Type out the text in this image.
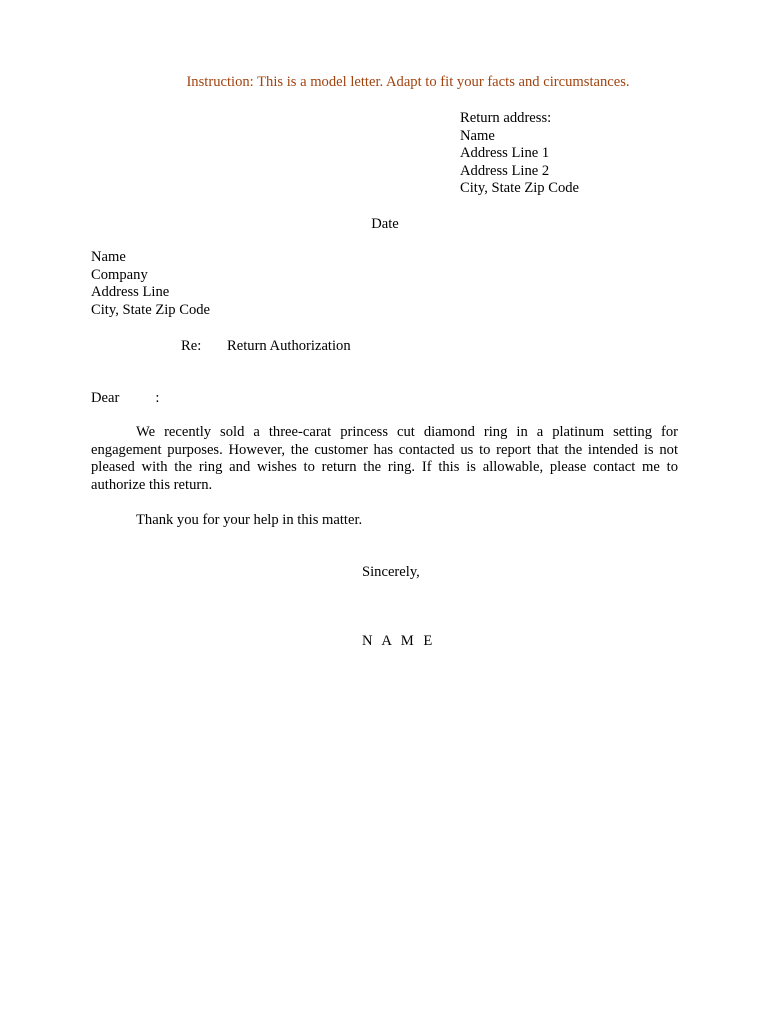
Instruction: This is a model letter. Adapt to fit your facts and circumstances.
Return address:
Name
Address Line 1
Address Line 2
City, State Zip Code
Date
Name
Company
Address Line
City, State Zip Code
Re: Return Authorization
Dear :

We recently sold a three-carat princess cut diamond ring in a platinum setting for engagement purposes. However, the customer has contacted us to report that the intended is not pleased with the ring and wishes to return the ring. If this is allowable, please contact me to authorize this return.

Thank you for your help in this matter.

Sincerely,
N A M E
